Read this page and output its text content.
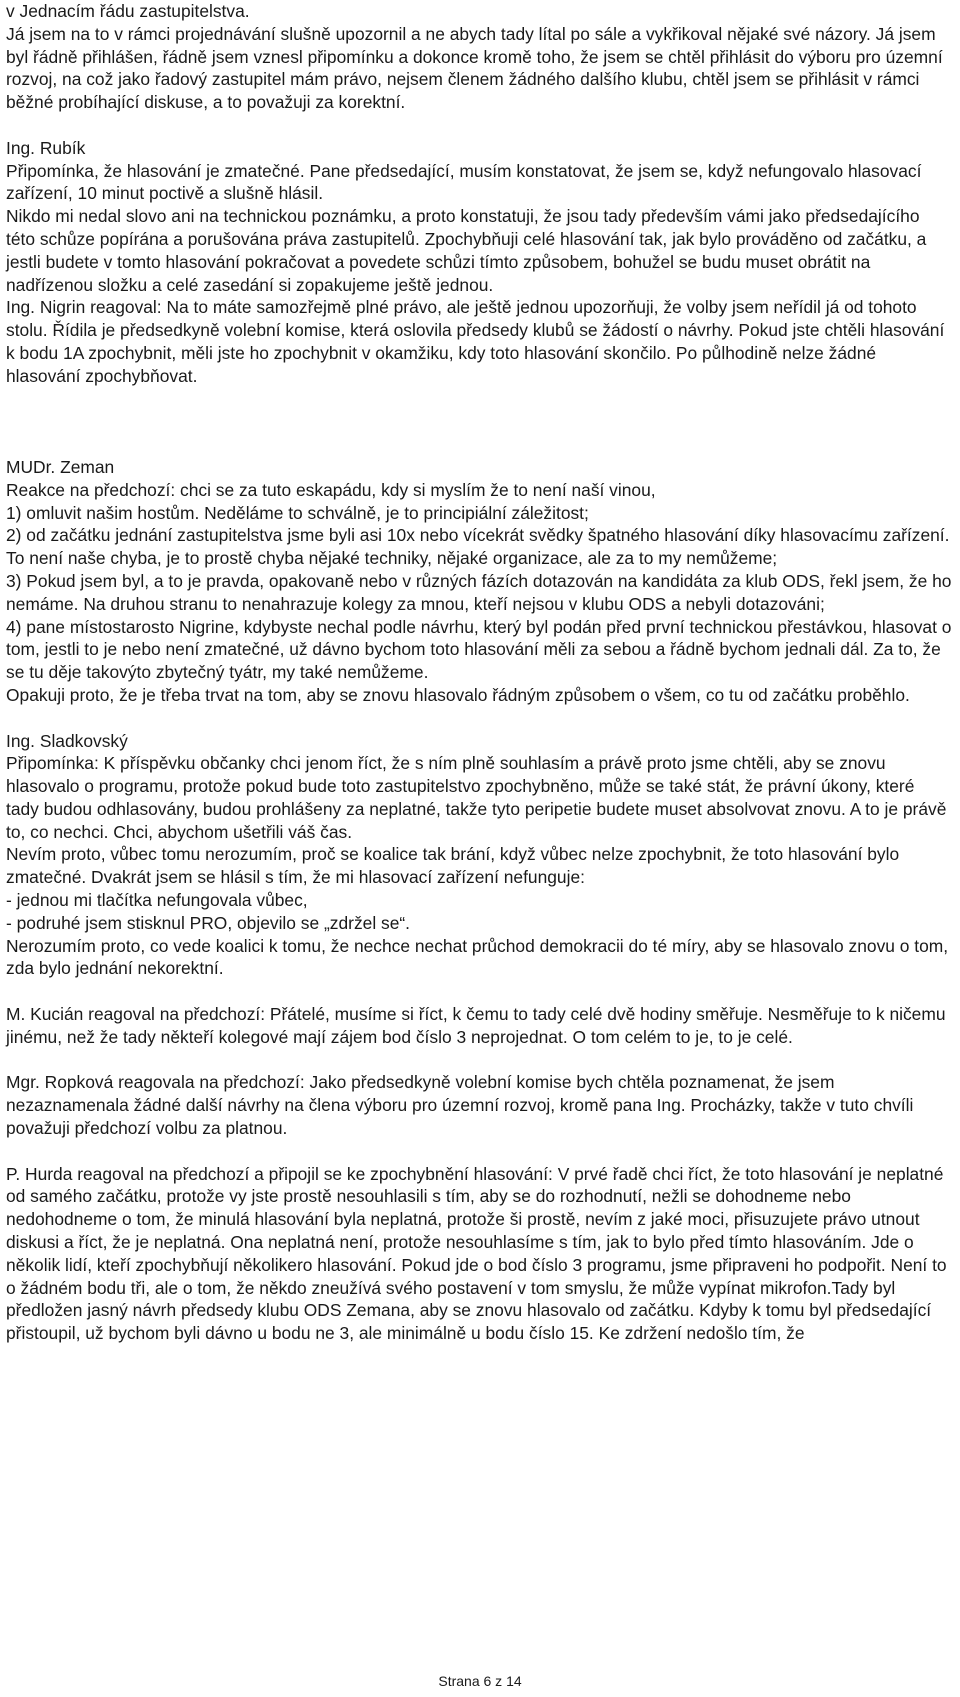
v Jednacím řádu zastupitelstva.

Já jsem na to v rámci projednávání slušně upozornil a ne abych tady lítal po sále a vykřikoval nějaké své názory. Já jsem byl řádně přihlášen, řádně jsem vznesl připomínku a dokonce kromě toho, že jsem se chtěl přihlásit do výboru pro územní rozvoj, na což jako řadový zastupitel mám právo, nejsem členem žádného dalšího klubu, chtěl jsem se přihlásit v rámci běžné probíhající diskuse, a to považuji za korektní.

Ing. Rubík

Připomínka, že hlasování je zmatečné. Pane předsedající, musím konstatovat, že jsem se, když nefungovalo hlasovací zařízení, 10 minut poctivě a slušně hlásil.

Nikdo mi nedal slovo ani na technickou poznámku, a proto konstatuji, že jsou tady především vámi jako předsedajícího této schůze popírána a porušována práva zastupitelů. Zpochybňuji celé hlasování tak, jak bylo prováděno od začátku, a jestli budete v tomto hlasování pokračovat a povedete schůzi tímto způsobem, bohužel se budu muset obrátit na nadřízenou složku a celé zasedání si zopakujeme ještě jednou.

Ing. Nigrin reagoval: Na to máte samozřejmě plné právo, ale ještě jednou upozorňuji, že volby jsem neřídil já od tohoto stolu. Řídila je předsedkyně volební komise, která oslovila předsedy klubů se žádostí o návrhy. Pokud jste chtěli hlasování k bodu 1A zpochybnit, měli jste ho zpochybnit v okamžiku, kdy toto hlasování skončilo. Po půlhodině nelze žádné hlasování zpochybňovat.

MUDr. Zeman

Reakce na předchozí: chci se za tuto eskapádu, kdy si myslím že to není naší vinou,

1) omluvit našim hostům. Neděláme to schválně, je to principiální záležitost;

2) od začátku jednání zastupitelstva jsme byli asi 10x nebo vícekrát svědky špatného hlasování díky hlasovacímu zařízení. To není naše chyba, je to prostě chyba nějaké techniky, nějaké organizace, ale za to my nemůžeme;

3) Pokud jsem byl, a to je pravda, opakovaně nebo v různých fázích dotazován na kandidáta za klub ODS, řekl jsem, že ho nemáme. Na druhou stranu to nenahrazuje kolegy za mnou, kteří nejsou v klubu ODS a nebyli dotazováni;

4) pane místostarosto Nigrine, kdybyste nechal podle návrhu, který byl podán před první technickou přestávkou, hlasovat o tom, jestli to je nebo není zmatečné, už dávno bychom toto hlasování měli za sebou a řádně bychom jednali dál. Za to, že se tu děje takovýto zbytečný tyátr, my také nemůžeme.

Opakuji proto, že je třeba trvat na tom, aby se znovu hlasovalo řádným způsobem o všem, co tu od začátku proběhlo.

Ing. Sladkovský

Připomínka: K příspěvku občanky chci jenom říct, že s ním plně souhlasím a právě proto jsme chtěli, aby se znovu hlasovalo o programu, protože pokud bude toto zastupitelstvo zpochybněno, může se také stát, že právní úkony, které tady budou odhlasovány, budou prohlášeny za neplatné, takže tyto peripetie budete muset absolvovat znovu. A to je právě to, co nechci. Chci, abychom ušetřili váš čas.

Nevím proto, vůbec tomu nerozumím, proč se koalice tak brání, když vůbec nelze zpochybnit, že toto hlasování bylo zmatečné. Dvakrát jsem se hlásil s tím, že mi hlasovací zařízení nefunguje:

- jednou mi tlačítka nefungovala vůbec,

- podruhé jsem stisknul PRO, objevilo se „zdržel se“.

Nerozumím proto, co vede koalici k tomu, že nechce nechat průchod demokracii do té míry, aby se hlasovalo znovu o tom, zda bylo jednání nekorektní.

M. Kucián reagoval na předchozí: Přátelé, musíme si říct, k čemu to tady celé dvě hodiny směřuje. Nesměřuje to k ničemu jinému, než že tady někteří kolegové mají zájem bod číslo 3 neprojednat. O tom celém to je, to je celé.

Mgr. Ropková reagovala na předchozí: Jako předsedkyně volební komise bych chtěla poznamenat, že jsem nezaznamenala žádné další návrhy na člena výboru pro územní rozvoj, kromě pana Ing. Procházky, takže v tuto chvíli považuji předchozí volbu za platnou.

P. Hurda reagoval na předchozí a připojil se ke zpochybnění hlasování: V prvé řadě chci říct, že toto hlasování je neplatné od samého začátku, protože vy jste prostě nesouhlasili s tím, aby se do rozhodnutí, nežli se dohodneme nebo nedohodneme o tom, že minulá hlasování byla neplatná, protože ši prostě, nevím z jaké moci, přisuzujete právo utnout diskusi a říct, že je neplatná. Ona neplatná není, protože nesouhlasíme s tím, jak to bylo před tímto hlasováním. Jde o několik lidí, kteří zpochybňují několikero hlasování. Pokud jde o bod číslo 3 programu, jsme připraveni ho podpořit. Není to o žádném bodu tři, ale o tom, že někdo zneužívá svého postavení v tom smyslu, že může vypínat mikrofon.Tady byl předložen jasný návrh předsedy klubu ODS Zemana, aby se znovu hlasovalo od začátku. Kdyby k tomu byl předsedající přistoupil, už bychom byli dávno u bodu ne 3, ale minimálně u bodu číslo 15. Ke zdržení nedošlo tím, že

Strana 6 z 14
